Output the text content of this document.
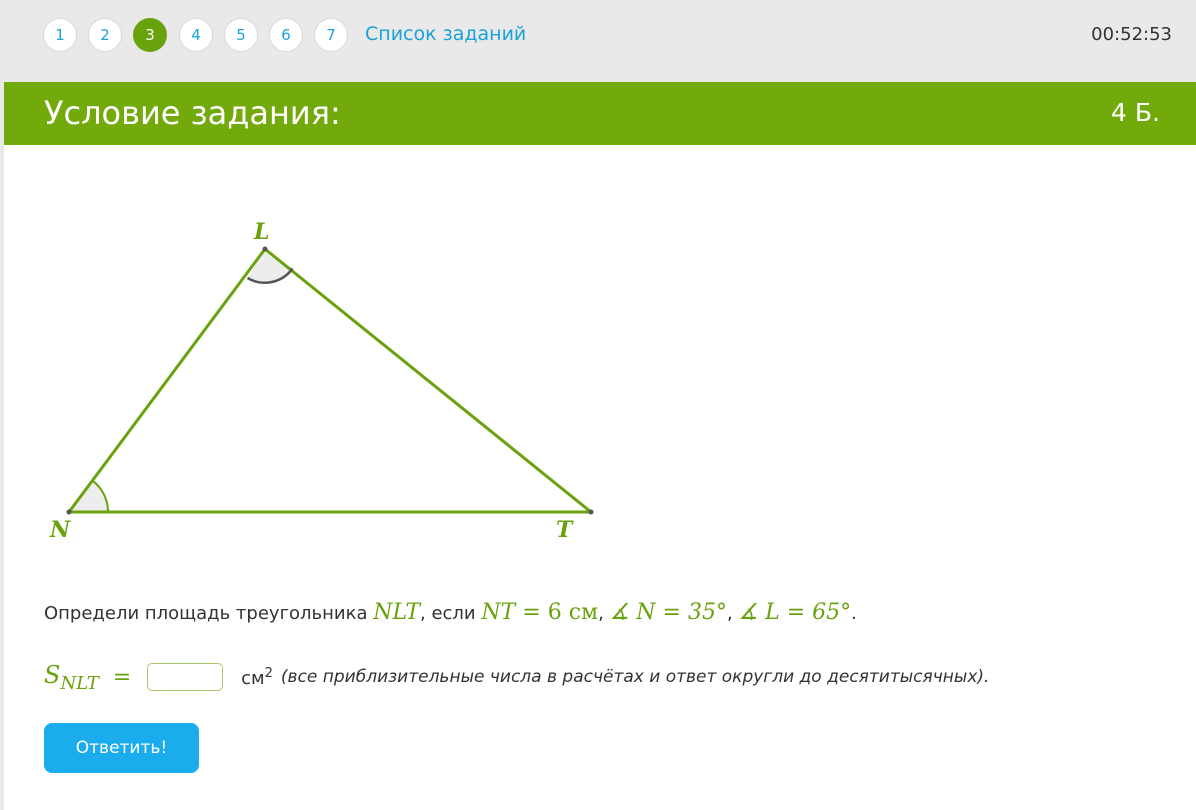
1	2	3	4	5	6	7	Список заданий	00:52:53
Условие задания:	4 Б.
L
N	T
Определи площадь треугольника NLT, если NT = 6 см, ∡ N = 35°, ∡ L = 65°.
$S_{NLT}$ =	$см^2$ (все приблизительные числа в расчётах и ответ округли до десятитысячных).
Ответить!
